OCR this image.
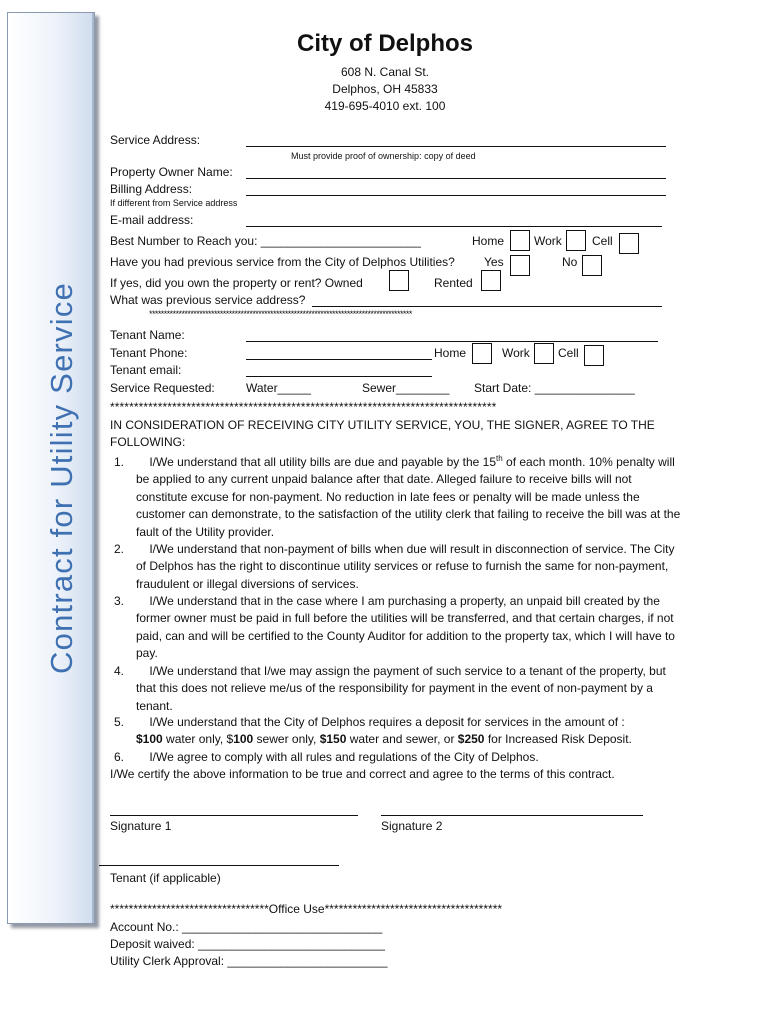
Contract for Utility Service
City of Delphos
608 N. Canal St.
Delphos, OH 45833
419-695-4010 ext. 100
Service Address:
Must provide proof of ownership: copy of deed
Property Owner Name:
Billing Address:
If different from Service address
E-mail address:
Best Number to Reach you: ________________________	Home Work	Cell
Have you had previous service from the City of Delphos Utilities? Yes	No
If yes, did you own the property or rent? Owned	Rented
What was previous service address?
*****************************************************************************************
Tenant Name:
Tenant Phone:	Home	Work Cell
Tenant email:
Service Requested:	Water_____	Sewer________ Start Date: _______________
*********************************************************************************
IN CONSIDERATION OF RECEIVING CITY UTILITY SERVICE, YOU, THE SIGNER, AGREE TO THE
FOLLOWING:
1. I/We understand that all utility bills are due and payable by the 15th of each month. 10% penalty will be applied to any current unpaid balance after that date. Alleged failure to receive bills will not constitute excuse for non-payment. No reduction in late fees or penalty will be made unless the customer can demonstrate, to the satisfaction of the utility clerk that failing to receive the bill was at the fault of the Utility provider.
2. I/We understand that non-payment of bills when due will result in disconnection of service. The City of Delphos has the right to discontinue utility services or refuse to furnish the same for non-payment, fraudulent or illegal diversions of services.
3. I/We understand that in the case where I am purchasing a property, an unpaid bill created by the former owner must be paid in full before the utilities will be transferred, and that certain charges, if not paid, can and will be certified to the County Auditor for addition to the property tax, which I will have to pay.
4. I/We understand that I/we may assign the payment of such service to a tenant of the property, but that this does not relieve me/us of the responsibility for payment in the event of non-payment by a tenant.
5. I/We understand that the City of Delphos requires a deposit for services in the amount of :
$100 water only, $100 sewer only, $150 water and sewer, or $250 for Increased Risk Deposit.
6. I/We agree to comply with all rules and regulations of the City of Delphos.
I/We certify the above information to be true and correct and agree to the terms of this contract.
Signature 1	Signature 2
Tenant (if applicable)
**********************************Office Use**************************************
Account No.: ______________________________
Deposit waived: ____________________________
Utility Clerk Approval: ________________________
